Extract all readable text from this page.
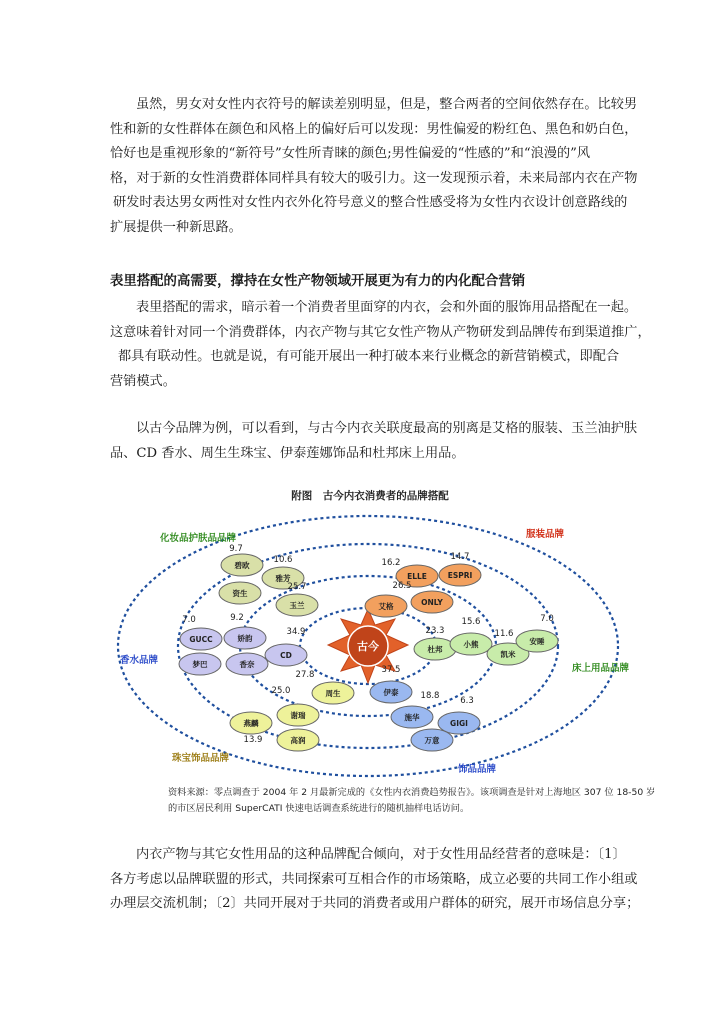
虽然，男女对女性内衣符号的解读差别明显，但是，整合两者的空间依然存在。比较男
性和新的女性群体在颜色和风格上的偏好后可以发现：男性偏爱的粉红色、黑色和奶白色，
恰好也是重视形象的“新符号”女性所青睐的颜色;男性偏爱的“性感的”和“浪漫的”风
格，对于新的女性消费群体同样具有较大的吸引力。这一发现预示着，未来局部内衣在产物
研发时表达男女两性对女性内衣外化符号意义的整合性感受将为女性内衣设计创意路线的
扩展提供一种新思路。

表里搭配的高需要，撑持在女性产物领域开展更为有力的内化配合营销

表里搭配的需求，暗示着一个消费者里面穿的内衣，会和外面的服饰用品搭配在一起。
这意味着针对同一个消费群体，内衣产物与其它女性产物从产物研发到品牌传布到渠道推广，
都具有联动性。也就是说，有可能开展出一种打破本来行业概念的新营销模式，即配合
营销模式。

以古今品牌为例，可以看到，与古今内衣关联度最高的别离是艾格的服装、玉兰油护肤
品、CD 香水、周生生珠宝、伊泰莲娜饰品和杜邦床上用品。

附图　古今内衣消费者的品牌搭配
古今
化妆品护肤品品牌	服装品牌
香水品牌
床上用品品牌
珠宝饰品品牌
饰品品牌
碧欧
9.7
雅芳
10.6
资生
玉兰
25.7
ELLE
16.2
ESPRI
14.7
ONLY
26.5
艾格
GUCC
7.0
娇韵
9.2
梦巴	香奈
CD
34.9
杜邦
23.3
小熊
15.6
凯米
11.6
安睡
7.0
周生
27.8
谢瑞
25.0
燕麟
高润
13.9
伊泰
37.5
施华
18.8
GIGI
6.3
万意

资料来源：零点调查于 2004 年 2 月最新完成的《女性内衣消费趋势报告》。该项调查是针对上海地区 307 位 18-50 岁
的市区居民利用 SuperCATI 快速电话调查系统进行的随机抽样电话访问。

内衣产物与其它女性用品的这种品牌配合倾向，对于女性用品经营者的意味是：〔1〕
各方考虑以品牌联盟的形式，共同探索可互相合作的市场策略，成立必要的共同工作小组或
办理层交流机制；〔2〕共同开展对于共同的消费者或用户群体的研究，展开市场信息分享；
